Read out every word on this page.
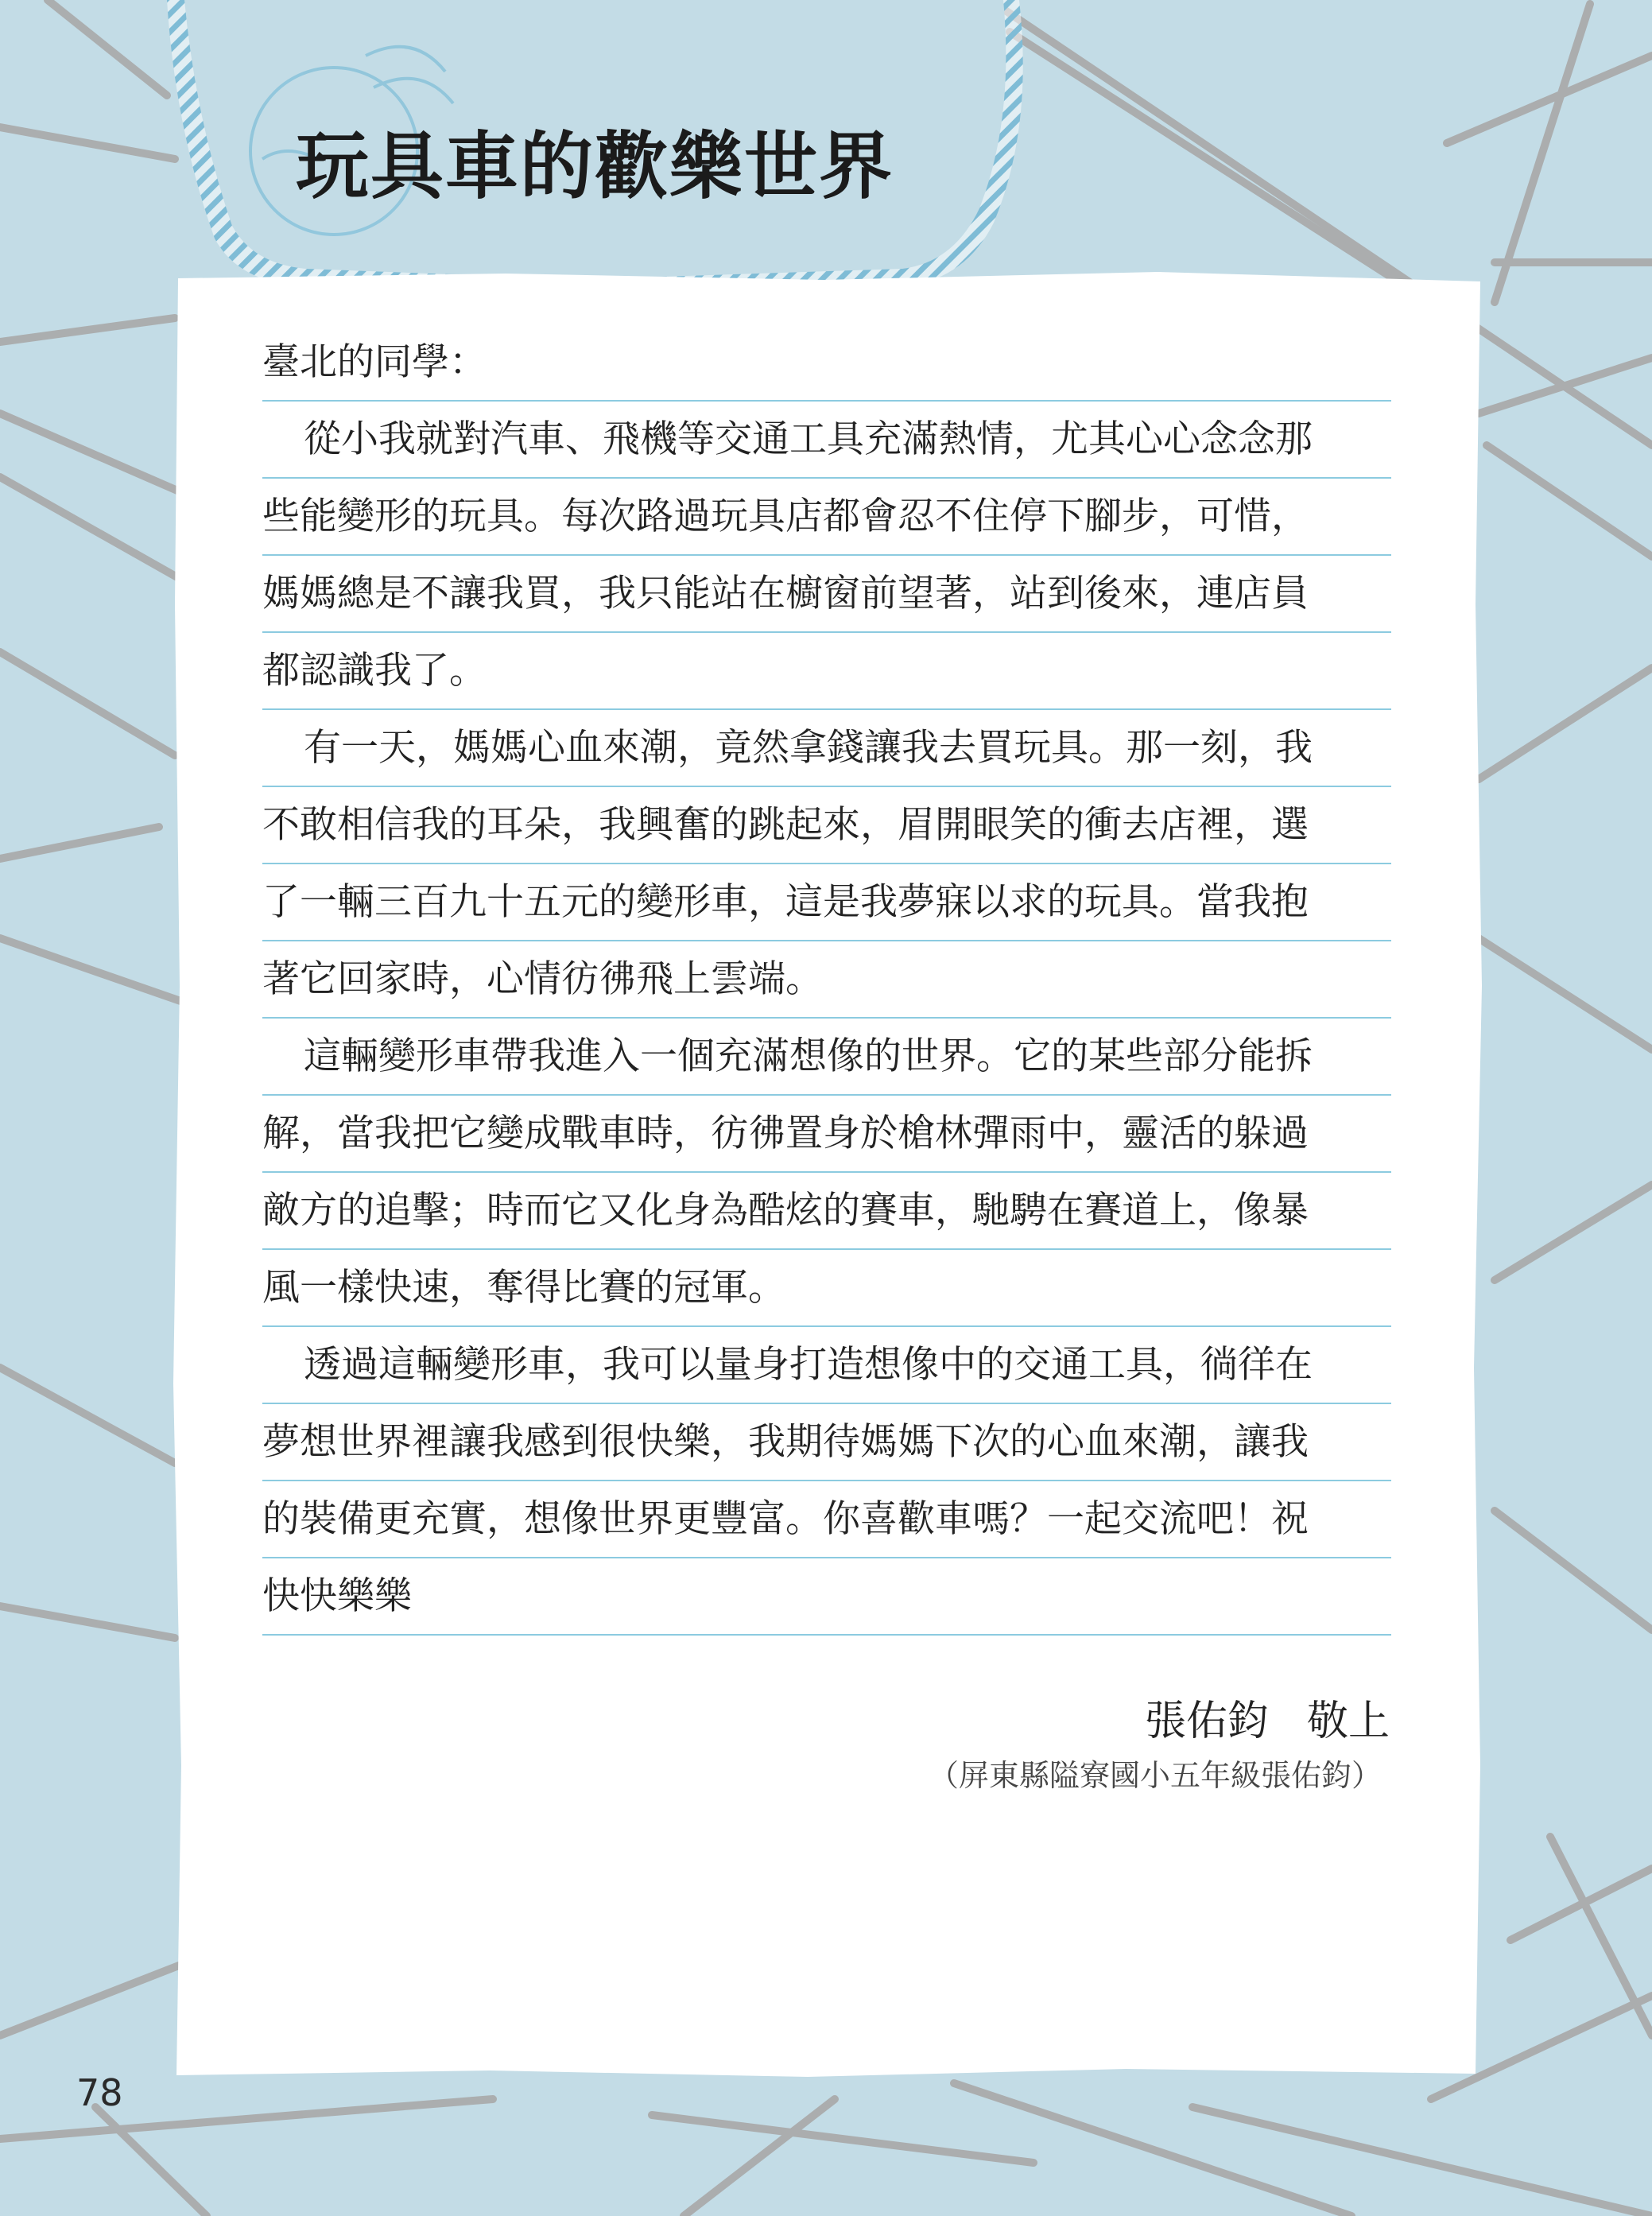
玩具車的歡樂世界
臺北的同學：
從小我就對汽車、飛機等交通工具充滿熱情，尤其心心念念那
些能變形的玩具。每次路過玩具店都會忍不住停下腳步，可惜，
媽媽總是不讓我買，我只能站在櫥窗前望著，站到後來，連店員
都認識我了。
有一天，媽媽心血來潮，竟然拿錢讓我去買玩具。那一刻，我
不敢相信我的耳朵，我興奮的跳起來，眉開眼笑的衝去店裡，選
了一輛三百九十五元的變形車，這是我夢寐以求的玩具。當我抱
著它回家時，心情彷彿飛上雲端。
這輛變形車帶我進入一個充滿想像的世界。它的某些部分能拆
解，當我把它變成戰車時，彷彿置身於槍林彈雨中，靈活的躲過
敵方的追擊；時而它又化身為酷炫的賽車，馳騁在賽道上，像暴
風一樣快速，奪得比賽的冠軍。
透過這輛變形車，我可以量身打造想像中的交通工具，徜徉在
夢想世界裡讓我感到很快樂，我期待媽媽下次的心血來潮，讓我
的裝備更充實，想像世界更豐富。你喜歡車嗎？一起交流吧！祝
快快樂樂
張佑鈞 敬上
（屏東縣隘寮國小五年級張佑鈞）
78
